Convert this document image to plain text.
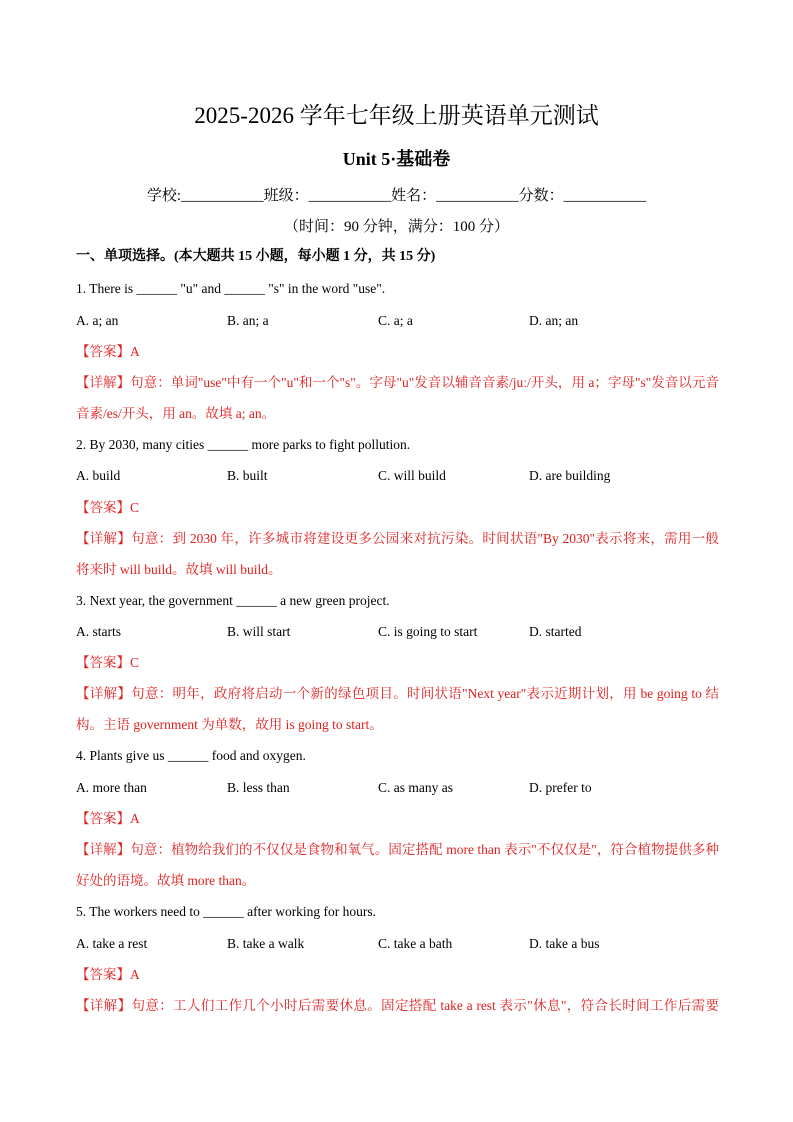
2025-2026 学年七年级上册英语单元测试
Unit 5·基础卷
学校:___________班级：___________姓名：___________分数：___________
（时间：90 分钟，满分：100 分）
一、单项选择。(本大题共 15 小题，每小题 1 分，共 15 分)
1. There is ______ "u" and ______ "s" in the word "use".
A. a; an	B. an; a	C. a; a	D. an; an
【答案】A
【详解】句意：单词"use"中有一个"u"和一个"s"。字母"u"发音以辅音音素/juː/开头，用 a；字母"s"发音以元音音素/es/开头，用 an。故填 a; an。
2. By 2030, many cities ______ more parks to fight pollution.
A. build	B. built	C. will build	D. are building
【答案】C
【详解】句意：到 2030 年，许多城市将建设更多公园来对抗污染。时间状语"By 2030"表示将来，需用一般将来时 will build。故填 will build。
3. Next year, the government ______ a new green project.
A. starts	B. will start	C. is going to start	D. started
【答案】C
【详解】句意：明年，政府将启动一个新的绿色项目。时间状语"Next year"表示近期计划，用 be going to 结构。主语 government 为单数，故用 is going to start。
4. Plants give us ______ food and oxygen.
A. more than	B. less than	C. as many as	D. prefer to
【答案】A
【详解】句意：植物给我们的不仅仅是食物和氧气。固定搭配 more than 表示"不仅仅是"，符合植物提供多种好处的语境。故填 more than。
5. The workers need to ______ after working for hours.
A. take a rest	B. take a walk	C. take a bath	D. take a bus
【答案】A
【详解】句意：工人们工作几个小时后需要休息。固定搭配 take a rest 表示"休息"，符合长时间工作后需要
